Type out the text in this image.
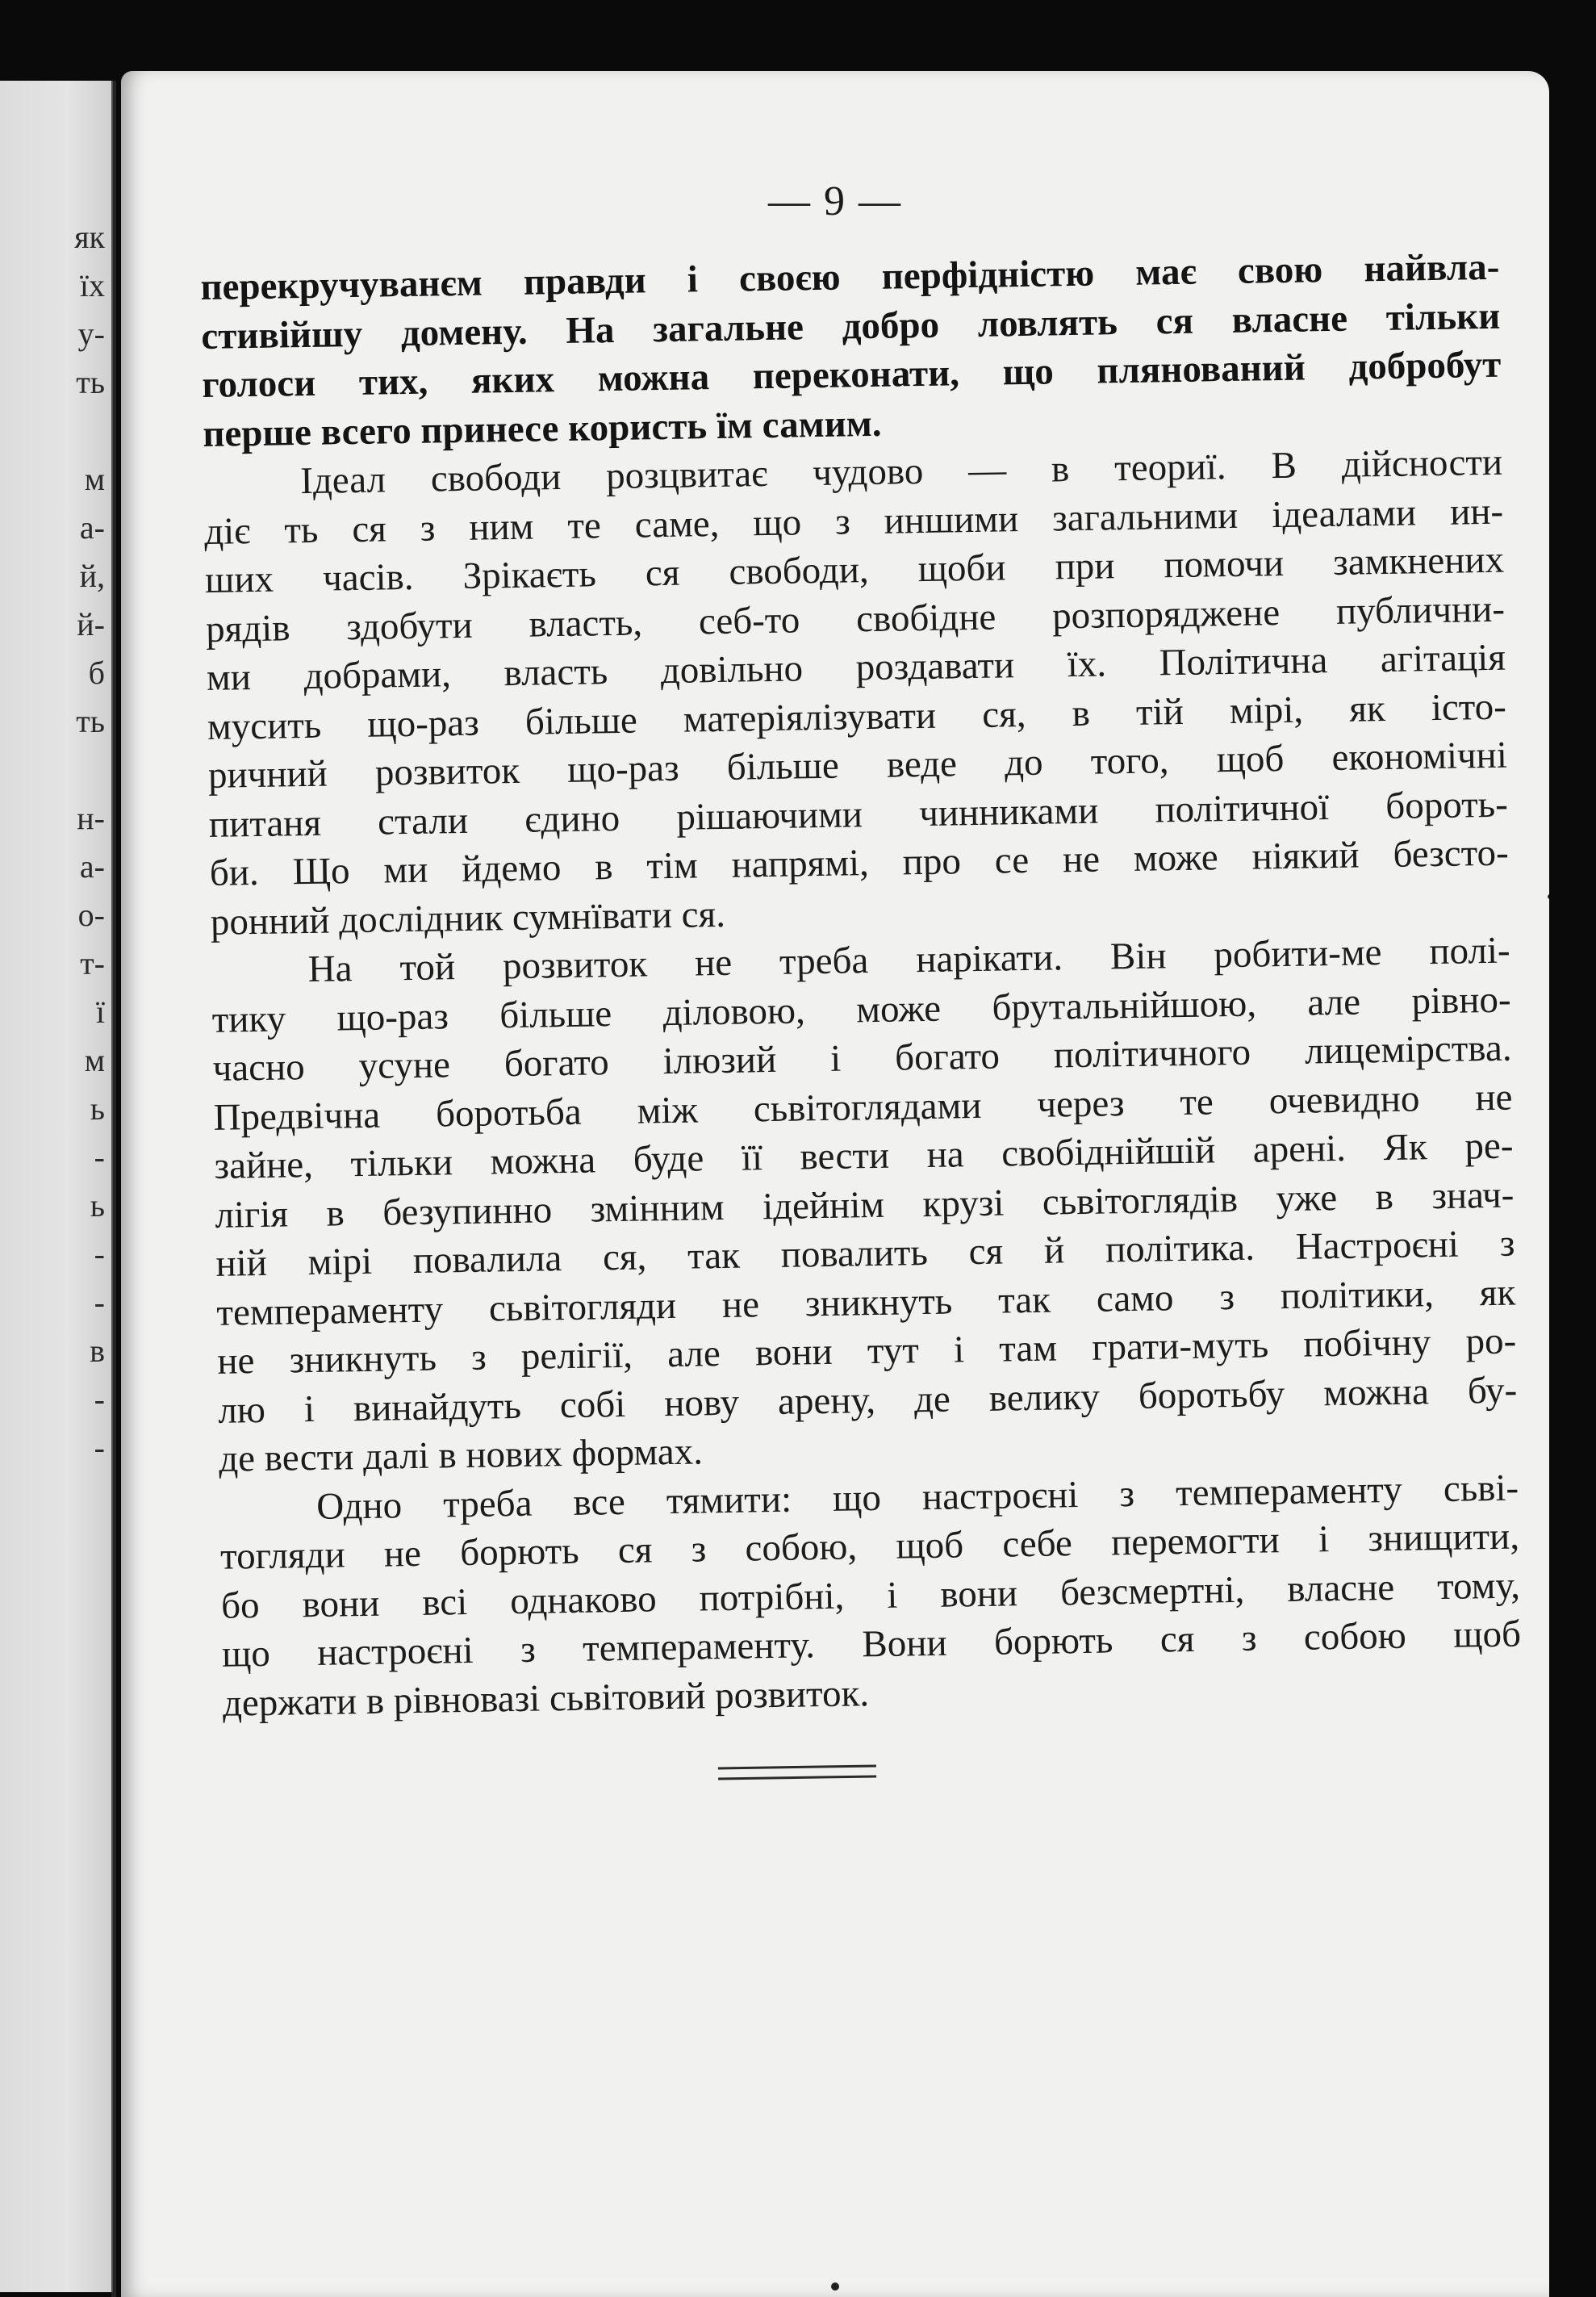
як
їх
у-
ть
м
а-
й,
й-
б
ть
н-
а-
о-
т-
ї
м
ь
-
ь
-
-
в
-
-
— 9 —
перекручуванєм правди і своєю перфідністю має свою найвла-
стивійшу домену. На загальне добро ловлять ся власне тільки
голоси тих, яких можна переконати, що плянований добробут
перше всего принесе користь їм самим.
Ідеал свободи розцвитає чудово — в теориї. В дійсности
діє ть ся з ним те саме, що з иншими загальними ідеалами ин-
ших часів. Зрікаєть ся свободи, щоби при помочи замкнених
рядів здобути власть, себ-то свобідне розпоряджене публични-
ми добрами, власть довільно роздавати їх. Політична агітація
мусить що-раз більше матеріялізувати ся, в тій мірі, як істо-
ричний розвиток що-раз більше веде до того, щоб економічні
питаня стали єдино рішаючими чинниками політичної бороть-
би. Що ми йдемо в тім напрямі, про се не може ніякий безсто-
ронний дослідник сумнївати ся.
На той розвиток не треба нарікати. Він робити-ме полі-
тику що-раз більше діловою, може брутальнійшою, але рівно-
часно усуне богато ілюзий і богато політичного лицемірства.
Предвічна боротьба між сьвітоглядами через те очевидно не
зайне, тільки можна буде її вести на свобіднійшій арені. Як ре-
лігія в безупинно змінним ідейнім крузі сьвітоглядів уже в знач-
ній мірі повалила ся, так повалить ся й політика. Настроєні з
темпераменту сьвітогляди не зникнуть так само з політики, як
не зникнуть з релігії, але вони тут і там грати-муть побічну ро-
лю і винайдуть собі нову арену, де велику боротьбу можна бу-
де вести далі в нових формах.
Одно треба все тямити: що настроєні з темпераменту сьві-
тогляди не борють ся з собою, щоб себе перемогти і знищити,
бо вони всі однаково потрібні, і вони безсмертні, власне тому,
що настроєні з темпераменту. Вони борють ся з собою щоб
держати в рівновазі сьвітовий розвиток.
